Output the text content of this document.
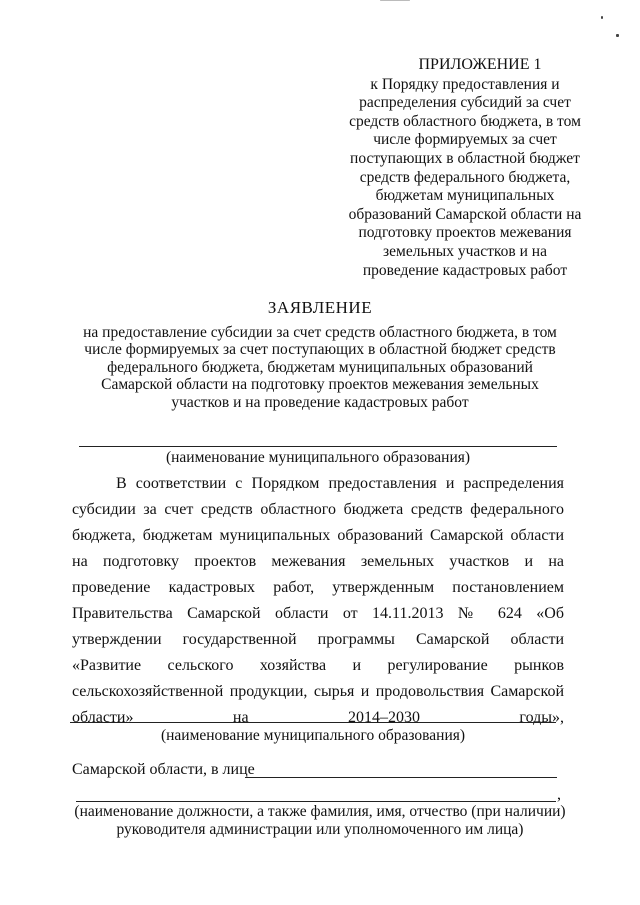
ПРИЛОЖЕНИЕ 1
к Порядку предоставления и
распределения субсидий за счет
средств областного бюджета, в том
числе формируемых за счет
поступающих в областной бюджет
средств федерального бюджета,
бюджетам муниципальных
образований Самарской области на
подготовку проектов межевания
земельных участков и на
проведение кадастровых работ
ЗАЯВЛЕНИЕ
на предоставление субсидии за счет средств областного бюджета, в том
числе формируемых за счет поступающих в областной бюджет средств
федерального бюджета, бюджетам муниципальных образований
Самарской области на подготовку проектов межевания земельных
участков и на проведение кадастровых работ
(наименование муниципального образования)

В соответствии с Порядком предоставления и распределения субсидии за счет средств областного бюджета средств федерального бюджета, бюджетам муниципальных образований Самарской области на подготовку проектов межевания земельных участков и на проведение кадастровых работ, утвержденным постановлением Правительства Самарской области от 14.11.2013 № 624 «Об утверждении государственной программы Самарской области «Развитие сельского хозяйства и регулирование рынков сельскохозяйственной продукции, сырья и продовольствия Самарской области» на 2014–2030 годы»,

(наименование муниципального образования)
Самарской области, в лице
,
(наименование должности, а также фамилия, имя, отчество (при наличии)
руководителя администрации или уполномоченного им лица)
